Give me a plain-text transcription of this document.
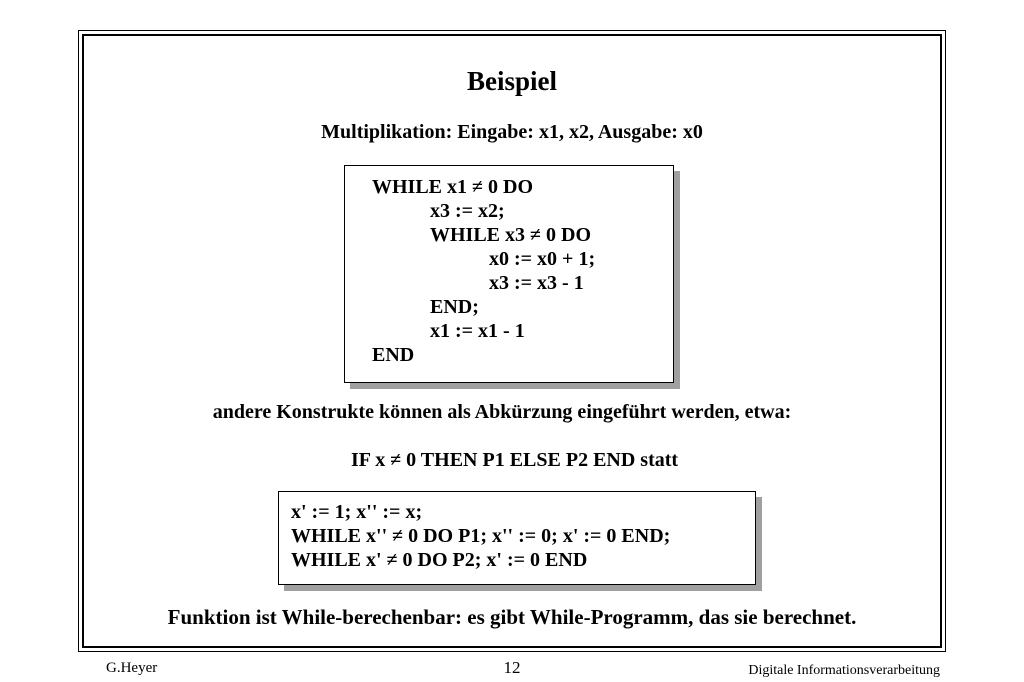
Beispiel
Multiplikation: Eingabe: x1, x2, Ausgabe: x0
WHILE x1 ≠ 0 DO
x3 := x2;
WHILE x3 ≠ 0 DO
x0 := x0 + 1;
x3 := x3 - 1
END;
x1 := x1 - 1
END
andere Konstrukte können als Abkürzung eingeführt werden, etwa:
IF x ≠ 0 THEN P1 ELSE P2 END statt
x' := 1; x'' := x;
WHILE x'' ≠ 0 DO P1; x'' := 0; x' := 0 END;
WHILE x' ≠ 0 DO P2; x' := 0 END
Funktion ist While-berechenbar: es gibt While-Programm, das sie berechnet.
G.Heyer	12	Digitale Informationsverarbeitung
